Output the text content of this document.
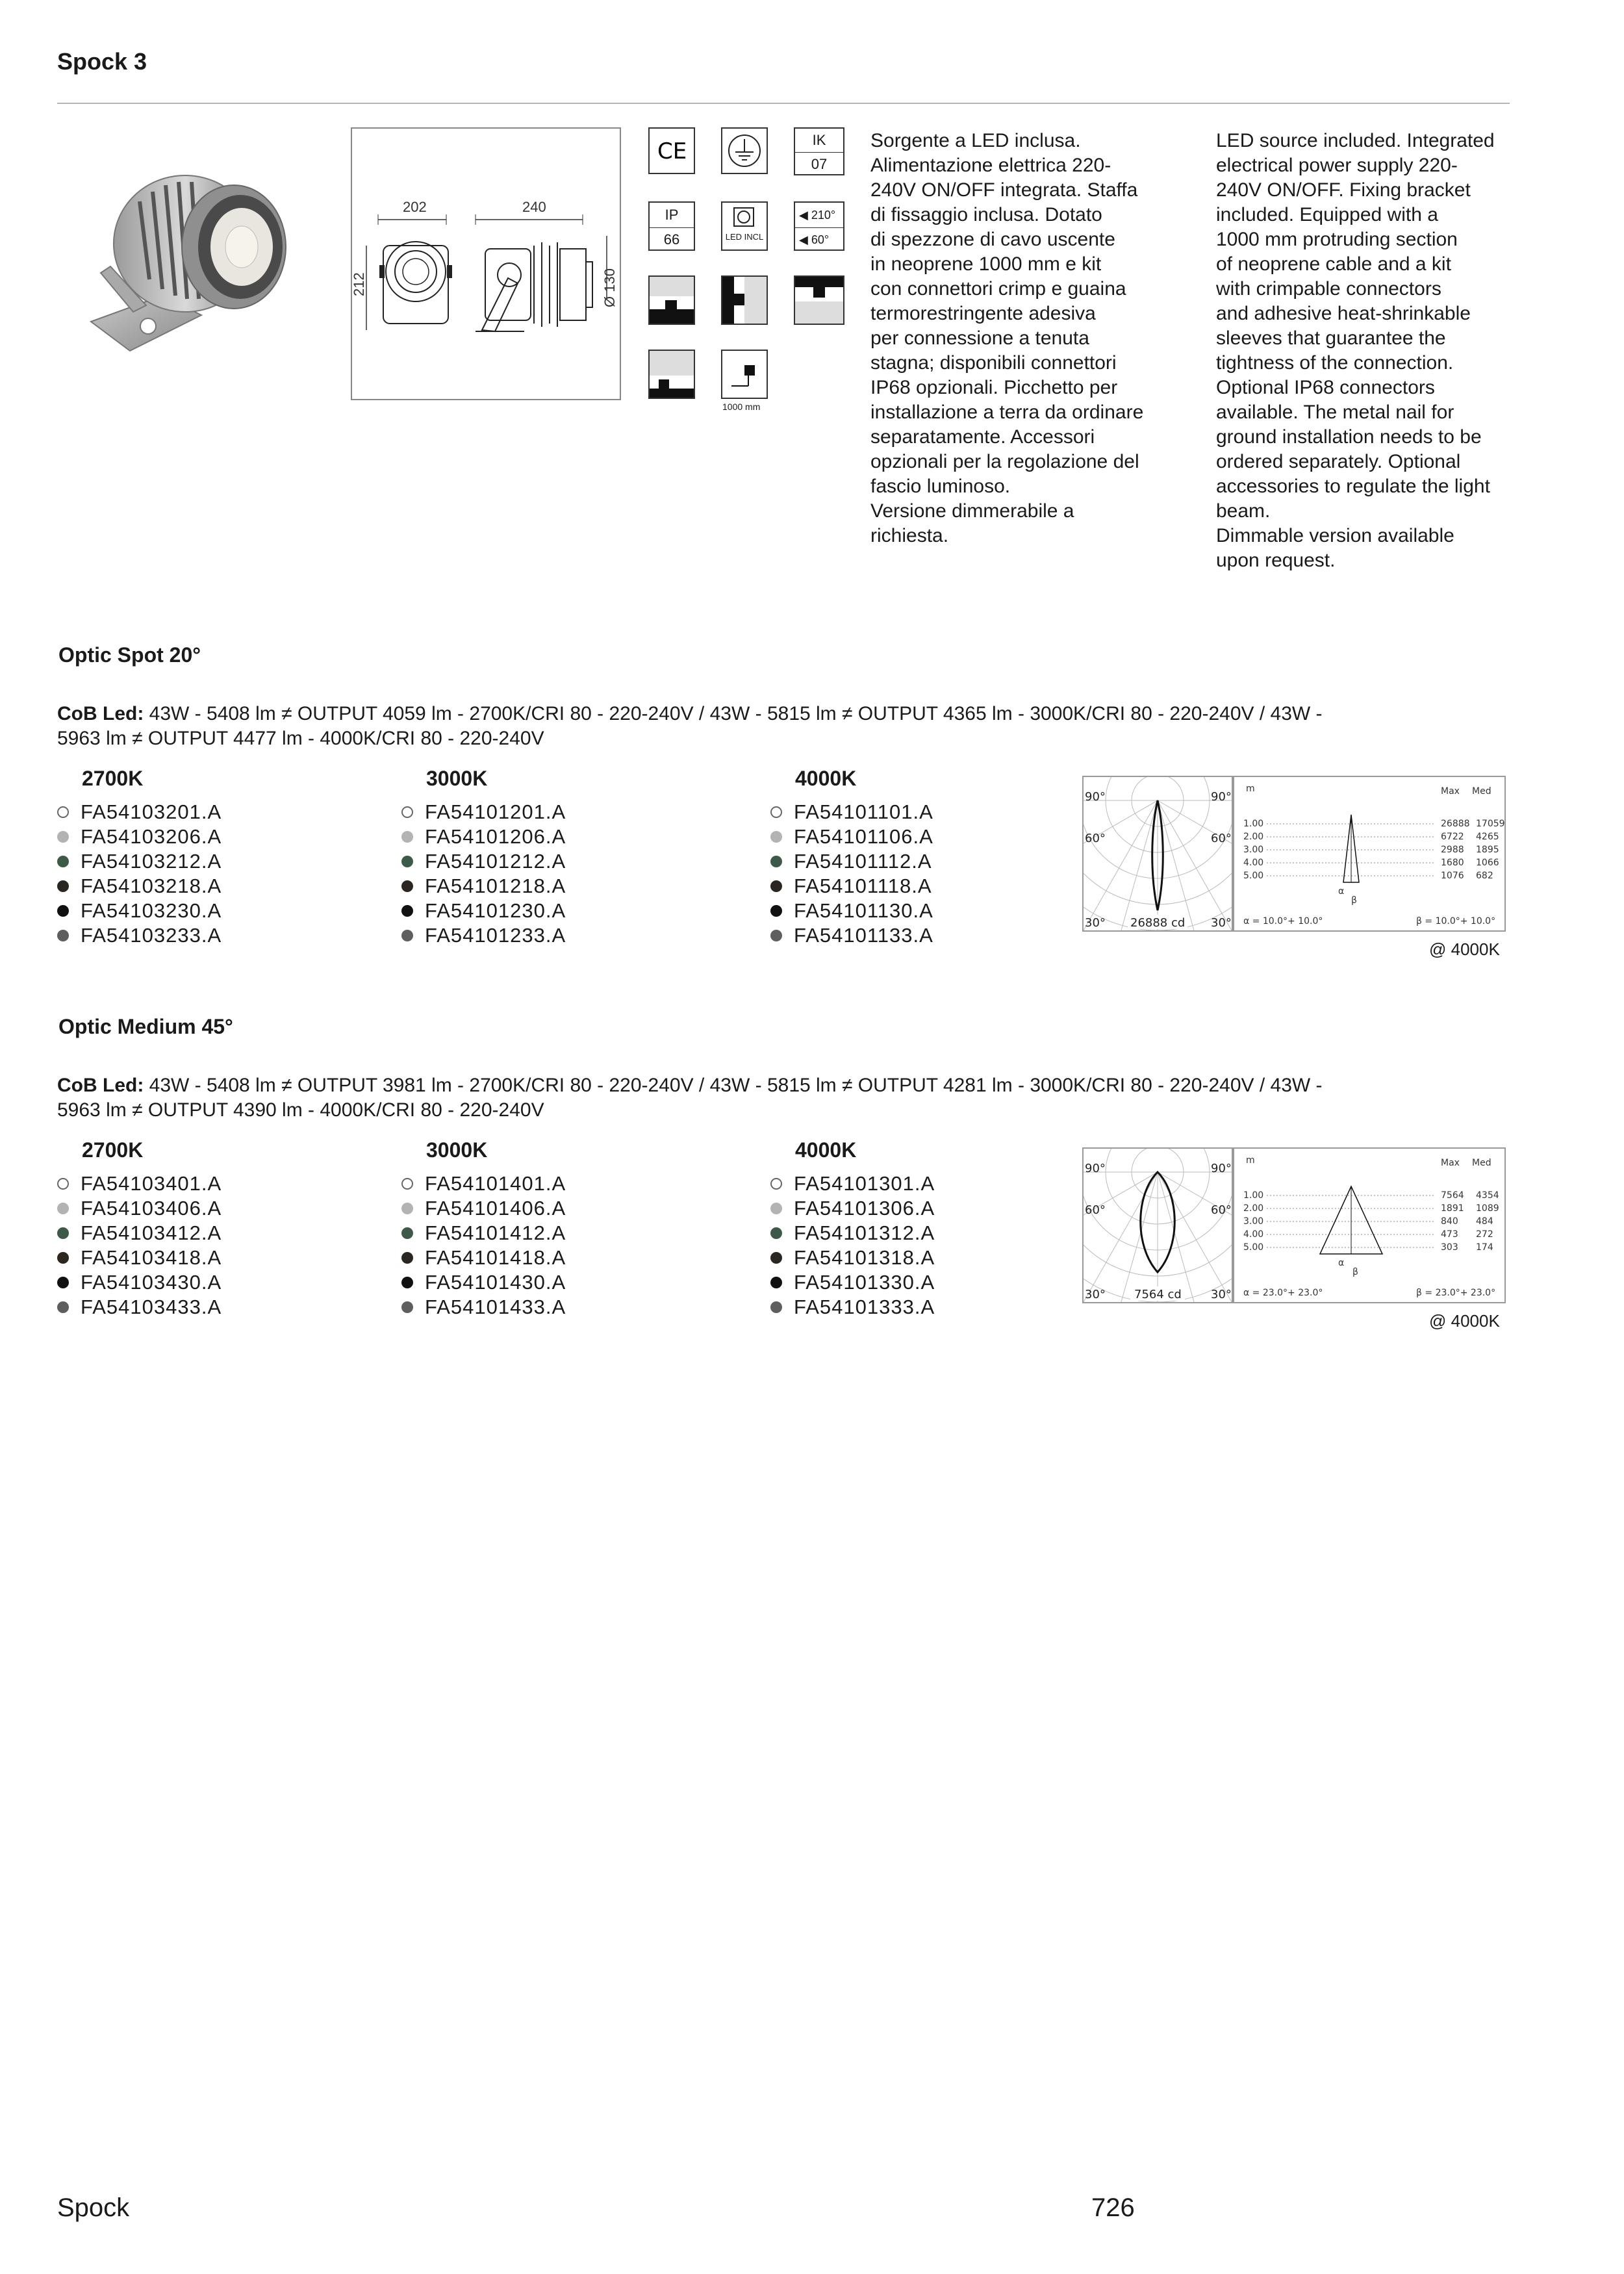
Spock 3
202	240
212	Ø 130
CE	IK
07
IP
66	LED INCL
◀ 210°
◀ 60°
1000 mm
Sorgente a LED inclusa.
Alimentazione elettrica 220-
240V ON/OFF integrata. Staffa
di fissaggio inclusa. Dotato
di spezzone di cavo uscente
in neoprene 1000 mm e kit
con connettori crimp e guaina
termorestringente adesiva
per connessione a tenuta
stagna; disponibili connettori
IP68 opzionali. Picchetto per
installazione a terra da ordinare
separatamente. Accessori
opzionali per la regolazione del
fascio luminoso.
Versione dimmerabile a
richiesta.
LED source included. Integrated
electrical power supply 220-
240V ON/OFF. Fixing bracket
included. Equipped with a
1000 mm protruding section
of neoprene cable and a kit
with crimpable connectors
and adhesive heat-shrinkable
sleeves that guarantee the
tightness of the connection.
Optional IP68 connectors
available. The metal nail for
ground installation needs to be
ordered separately. Optional
accessories to regulate the light
beam.
Dimmable version available
upon request.
Optic Spot 20°
CoB Led: 43W - 5408 lm ≠ OUTPUT 4059 lm - 2700K/CRI 80 - 220-240V / 43W - 5815 lm ≠ OUTPUT 4365 lm - 3000K/CRI 80 - 220-240V / 43W -
5963 lm ≠ OUTPUT 4477 lm - 4000K/CRI 80 - 220-240V
2700K
FA54103201.A
FA54103206.A
FA54103212.A
FA54103218.A
FA54103230.A
FA54103233.A
3000K
FA54101201.A
FA54101206.A
FA54101212.A
FA54101218.A
FA54101230.A
FA54101233.A
4000K
FA54101101.A
FA54101106.A
FA54101112.A
FA54101118.A
FA54101130.A
FA54101133.A
90°	90°
60°	60°
30°	30°
26888 cd
m	Max Med
1.00	26888 17059
2.00	6722 4265
3.00	2988 1895
4.00	1680 1066
5.00	1076 682
α
β
α = 10.0°+ 10.0°	β = 10.0°+ 10.0°
@ 4000K
Optic Medium 45°
CoB Led: 43W - 5408 lm ≠ OUTPUT 3981 lm - 2700K/CRI 80 - 220-240V / 43W - 5815 lm ≠ OUTPUT 4281 lm - 3000K/CRI 80 - 220-240V / 43W -
5963 lm ≠ OUTPUT 4390 lm - 4000K/CRI 80 - 220-240V
2700K
FA54103401.A
FA54103406.A
FA54103412.A
FA54103418.A
FA54103430.A
FA54103433.A
3000K
FA54101401.A
FA54101406.A
FA54101412.A
FA54101418.A
FA54101430.A
FA54101433.A
4000K
FA54101301.A
FA54101306.A
FA54101312.A
FA54101318.A
FA54101330.A
FA54101333.A
90°	90°
60°	60°
30°	30°
7564 cd
m	Max Med
1.00	7564 4354
2.00	1891 1089
3.00	840 484
4.00	473 272
5.00	303 174
α
β
α = 23.0°+ 23.0°	β = 23.0°+ 23.0°
@ 4000K
Spock	726
